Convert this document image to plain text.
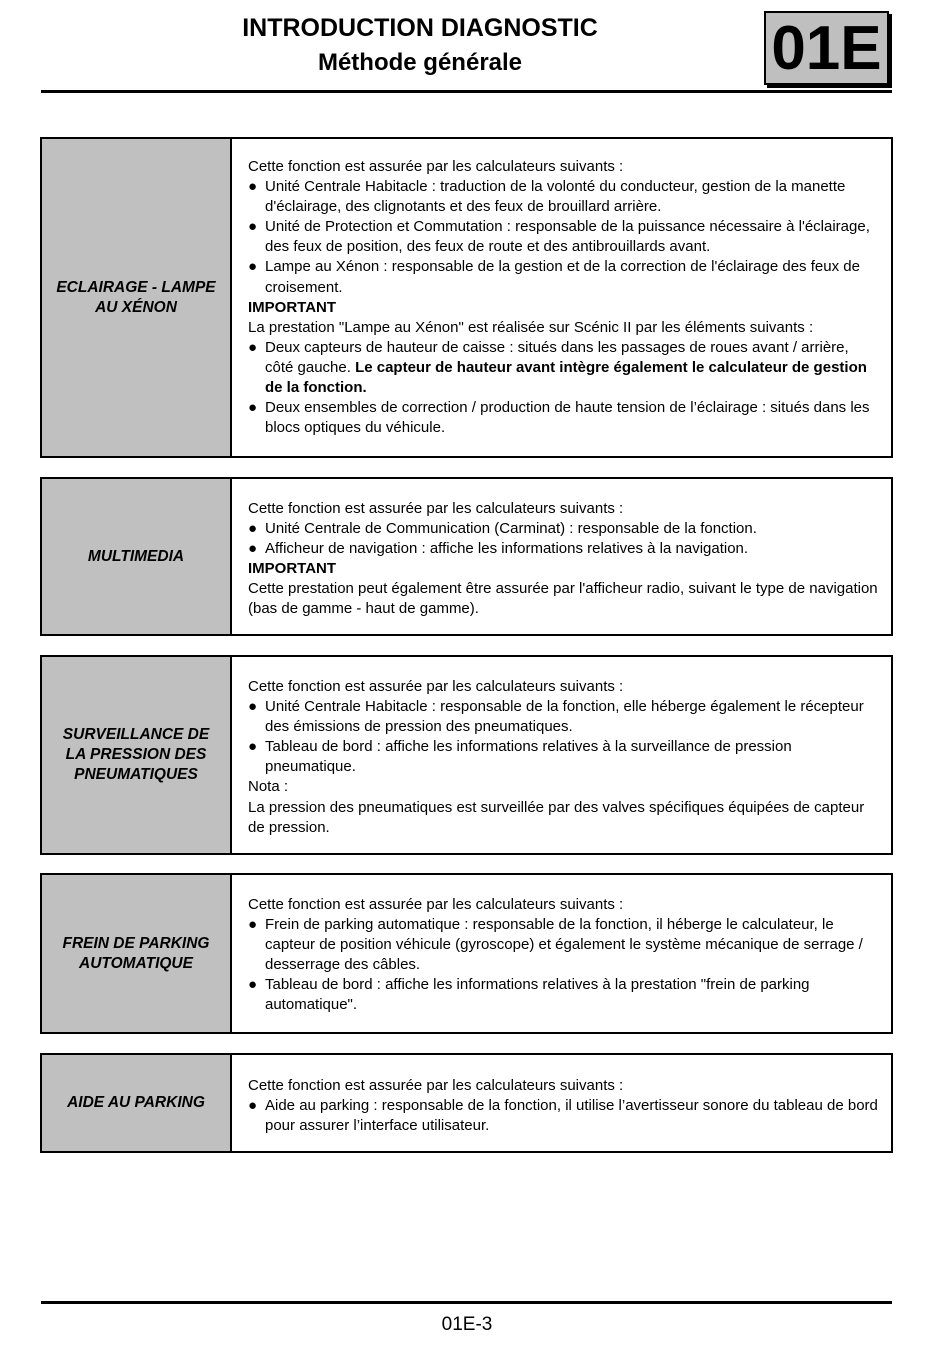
INTRODUCTION DIAGNOSTIC
Méthode générale	01E
ECLAIRAGE - LAMPE AU XÉNON

Cette fonction est assurée par les calculateurs suivants :

● Unité Centrale Habitacle : traduction de la volonté du conducteur, gestion de la manette d'éclairage, des clignotants et des feux de brouillard arrière.
● Unité de Protection et Commutation : responsable de la puissance nécessaire à l'éclairage, des feux de position, des feux de route et des antibrouillards avant.
● Lampe au Xénon : responsable de la gestion et de la correction de l'éclairage des feux de croisement.

IMPORTANT

La prestation "Lampe au Xénon" est réalisée sur Scénic II par les éléments suivants :

● Deux capteurs de hauteur de caisse : situés dans les passages de roues avant / arrière, côté gauche. Le capteur de hauteur avant intègre également le calculateur de gestion de la fonction.
● Deux ensembles de correction / production de haute tension de l’éclairage : situés dans les blocs optiques du véhicule.
MULTIMEDIA

Cette fonction est assurée par les calculateurs suivants :

● Unité Centrale de Communication (Carminat) : responsable de la fonction.
● Afficheur de navigation : affiche les informations relatives à la navigation.

IMPORTANT

Cette prestation peut également être assurée par l'afficheur radio, suivant le type de navigation (bas de gamme - haut de gamme).

SURVEILLANCE DE LA PRESSION DES PNEUMATIQUES

Cette fonction est assurée par les calculateurs suivants :

● Unité Centrale Habitacle : responsable de la fonction, elle héberge également le récepteur des émissions de pression des pneumatiques.
● Tableau de bord : affiche les informations relatives à la surveillance de pression pneumatique.

Nota :

La pression des pneumatiques est surveillée par des valves spécifiques équipées de capteur de pression.

FREIN DE PARKING AUTOMATIQUE

Cette fonction est assurée par les calculateurs suivants :

● Frein de parking automatique : responsable de la fonction, il héberge le calculateur, le capteur de position véhicule (gyroscope) et également le système mécanique de serrage / desserrage des câbles.
● Tableau de bord : affiche les informations relatives à la prestation "frein de parking automatique".
AIDE AU PARKING

Cette fonction est assurée par les calculateurs suivants :

● Aide au parking : responsable de la fonction, il utilise l’avertisseur sonore du tableau de bord pour assurer l’interface utilisateur.
01E-3
